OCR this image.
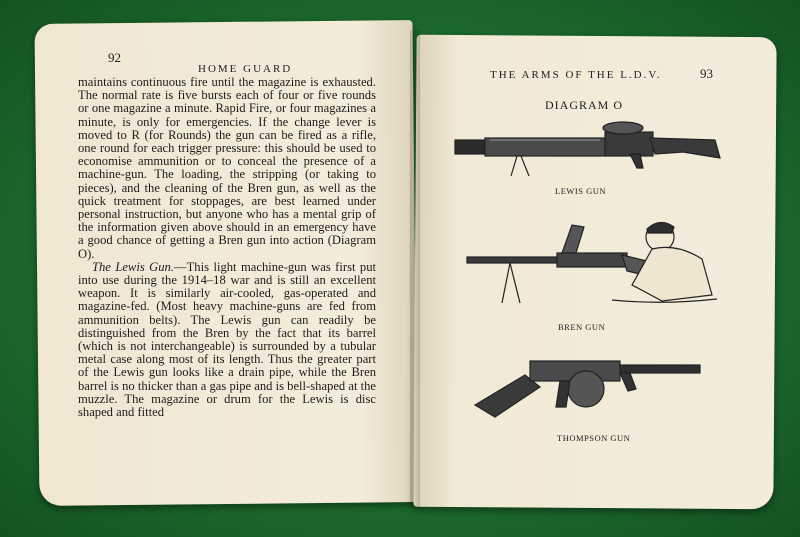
92
HOME GUARD

maintains continuous fire until the magazine is exhausted. The normal rate is five bursts each of four or five rounds or one magazine a minute. Rapid Fire, or four magazines a minute, is only for emergencies. If the change lever is moved to R (for Rounds) the gun can be fired as a rifle, one round for each trigger pressure: this should be used to economise ammunition or to conceal the presence of a machine-gun. The loading, the stripping (or taking to pieces), and the cleaning of the Bren gun, as well as the quick treatment for stoppages, are best learned under personal instruction, but anyone who has a mental grip of the information given above should in an emergency have a good chance of getting a Bren gun into action (Diagram O).

The Lewis Gun.—This light machine-gun was first put into use during the 1914–18 war and is still an excellent weapon. It is similarly air-cooled, gas-operated and magazine-fed. (Most heavy machine-guns are fed from ammunition belts). The Lewis gun can readily be distinguished from the Bren by the fact that its barrel (which is not interchangeable) is surrounded by a tubular metal case along most of its length. Thus the greater part of the Lewis gun looks like a drain pipe, while the Bren barrel is no thicker than a gas pipe and is bell-shaped at the muzzle. The magazine or drum for the Lewis is disc shaped and fitted

THE ARMS OF THE L.D.V.	93
DIAGRAM O
LEWIS GUN
BREN GUN
THOMPSON GUN
